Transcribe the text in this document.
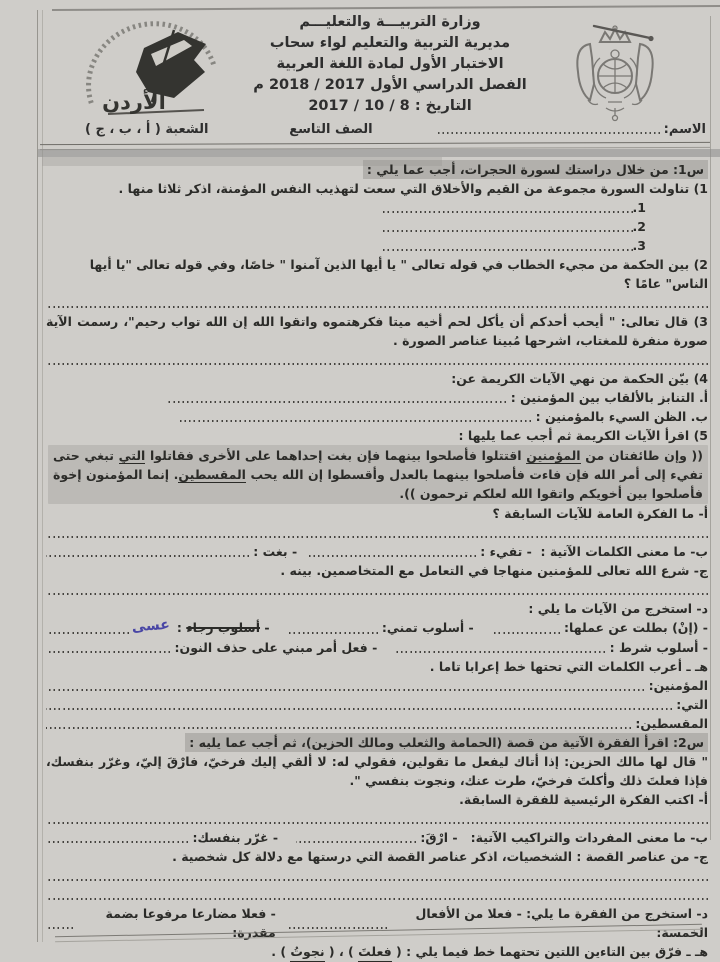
الأردن
وزارة التربيـــة والتعليـــم
مديرية التربية والتعليم لواء سحاب
الاختبار الأول لمادة اللغة العربية
الفصل الدراسي الأول 2017 / 2018 م
التاريخ : 8 / 10 / 2017
الاسم:
الصف التاسع
الشعبة ( أ ، ب ، ج )
س1: من خلال دراستك لسورة الحجرات، أجب عما يلي :
1) تناولت السورة مجموعة من القيم والأخلاق التي سعت لتهذيب النفس المؤمنة، اذكر ثلاثا منها .
1.
2.
3.
2) بين الحكمة من مجيء الخطاب في قوله تعالى " يا أيها الذين آمنوا " خاصًا، وفي قوله تعالى "يا أيها الناس" عامًا ؟
3) قال تعالى: " أيحب أحدكم أن يأكل لحم أخيه ميتا فكرهتموه واتقوا الله إن الله تواب رحيم"، رسمت الآية صورة منفرة للمغتاب، اشرحها مُبينا عناصر الصورة .
4) بيّن الحكمة من نهي الآيات الكريمة عن:
أ. التنابز بالألقاب بين المؤمنين :
ب. الظن السيء بالمؤمنين :
5) اقرأ الآيات الكريمة ثم أجب عما يليها :
(( وإن طائفتان من المؤمنين اقتتلوا فأصلحوا بينهما فإن بغت إحداهما على الأخرى فقاتلوا التي تبغي حتى تفيء إلى أمر الله فإن فاءت فأصلحوا بينهما بالعدل وأقسطوا إن الله يحب المقسطين. إنما المؤمنون إخوة فأصلحوا بين أخويكم واتقوا الله لعلكم ترحمون )).
أ- ما الفكرة العامة للآيات السابقة ؟
ب- ما معنى الكلمات الآتية :  - تفيء :
- بغت :
ج- شرع الله تعالى للمؤمنين منهاجا في التعامل مع المتخاصمين. بينه .
د- استخرج من الآيات ما يلي :
- (إنْ) بطلت عن عملها:
- أسلوب تمني:
-
أسلوب رجاء
:
عسى
- أسلوب شرط :
- فعل أمر مبني على حذف النون:
هـ ـ أعرب الكلمات التي تحتها خط إعرابا تاما .
المؤمنين:
التي:
المقسطين:
س2: اقرأ الفقرة الآتية من قصة (الحمامة والثعلب ومالك الحزين)، ثم أجب عما يليه :
" قال لها مالك الحزين: إذا أتاك ليفعل ما تقولين، فقولي له: لا ألقي إليك فرخيّ، فارْقَ إليّ، وغرّر بنفسك، فإذا فعلتَ ذلك وأكلتَ فرخيّ، طرت عنك، ونجوت بنفسي ".
أ- اكتب الفكرة الرئيسية للفقرة السابقة.
ب- ما معنى المفردات والتراكيب الآتية:   - ارْقَ:
- غرّر بنفسك:
ج- من عناصر القصة : الشخصيات، اذكر عناصر القصة التي درستها مع دلالة كل شخصية .
د- استخرج من الفقرة ما يلي: - فعلا من الأفعال الخمسة:
- فعلا مضارعا مرفوعا بضمة مقدرة:
هـ ـ فرّق بين التاءين اللتين تحتهما خط فيما يلي : (
فعلتَ
) ، (
نجوتُ
) .
